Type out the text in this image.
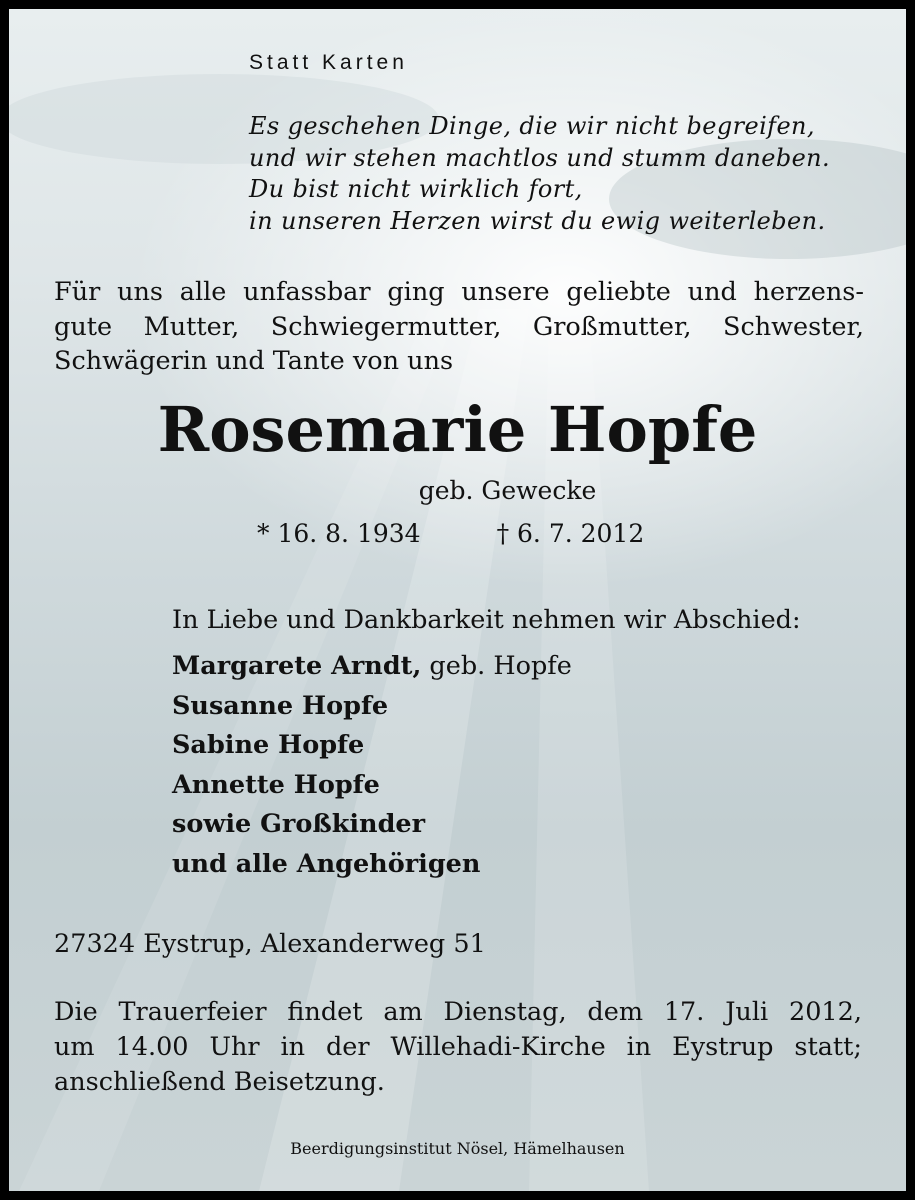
Statt Karten
Es geschehen Dinge, die wir nicht begreifen,
und wir stehen machtlos und stumm daneben.
Du bist nicht wirklich fort,
in unseren Herzen wirst du ewig weiterleben.
Für uns alle unfassbar ging unsere geliebte und herzens-
gute Mutter, Schwiegermutter, Großmutter, Schwester,
Schwägerin und Tante von uns
Rosemarie Hopfe
geb. Gewecke
* 16. 8. 1934	† 6. 7. 2012
In Liebe und Dankbarkeit nehmen wir Abschied:
Margarete Arndt, geb. Hopfe
Susanne Hopfe
Sabine Hopfe
Annette Hopfe
sowie Großkinder
und alle Angehörigen
27324 Eystrup, Alexanderweg 51
Die Trauerfeier findet am Dienstag, dem 17. Juli 2012,
um 14.00 Uhr in der Willehadi-Kirche in Eystrup statt;
anschließend Beisetzung.
Beerdigungsinstitut Nösel, Hämelhausen
